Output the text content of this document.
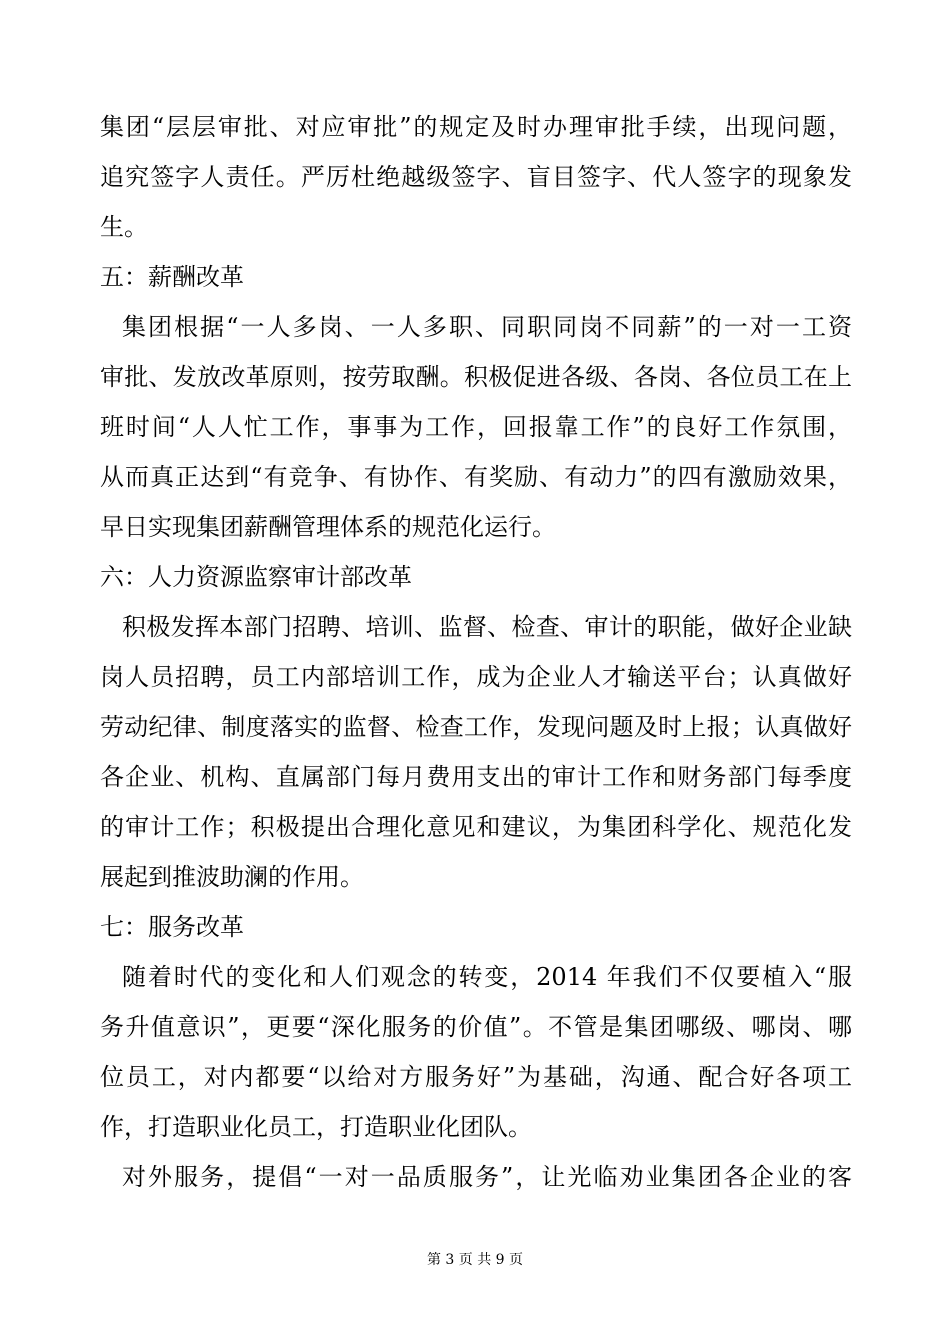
集团“层层审批、对应审批”的规定及时办理审批手续，出现问题，
追究签字人责任。严厉杜绝越级签字、盲目签字、代人签字的现象发
生。
五：薪酬改革
集团根据“一人多岗、一人多职、同职同岗不同薪”的一对一工资
审批、发放改革原则，按劳取酬。积极促进各级、各岗、各位员工在上
班时间“人人忙工作，事事为工作，回报靠工作”的良好工作氛围，
从而真正达到“有竞争、有协作、有奖励、有动力”的四有激励效果，
早日实现集团薪酬管理体系的规范化运行。
六：人力资源监察审计部改革
积极发挥本部门招聘、培训、监督、检查、审计的职能，做好企业缺
岗人员招聘，员工内部培训工作，成为企业人才输送平台；认真做好
劳动纪律、制度落实的监督、检查工作，发现问题及时上报；认真做好
各企业、机构、直属部门每月费用支出的审计工作和财务部门每季度
的审计工作；积极提出合理化意见和建议，为集团科学化、规范化发
展起到推波助澜的作用。
七：服务改革
随着时代的变化和人们观念的转变，2014 年我们不仅要植入“服
务升值意识”，更要“深化服务的价值”。不管是集团哪级、哪岗、哪
位员工，对内都要“以给对方服务好”为基础，沟通、配合好各项工
作，打造职业化员工，打造职业化团队。
对外服务，提倡“一对一品质服务”，让光临劝业集团各企业的客
第 3 页 共 9 页
